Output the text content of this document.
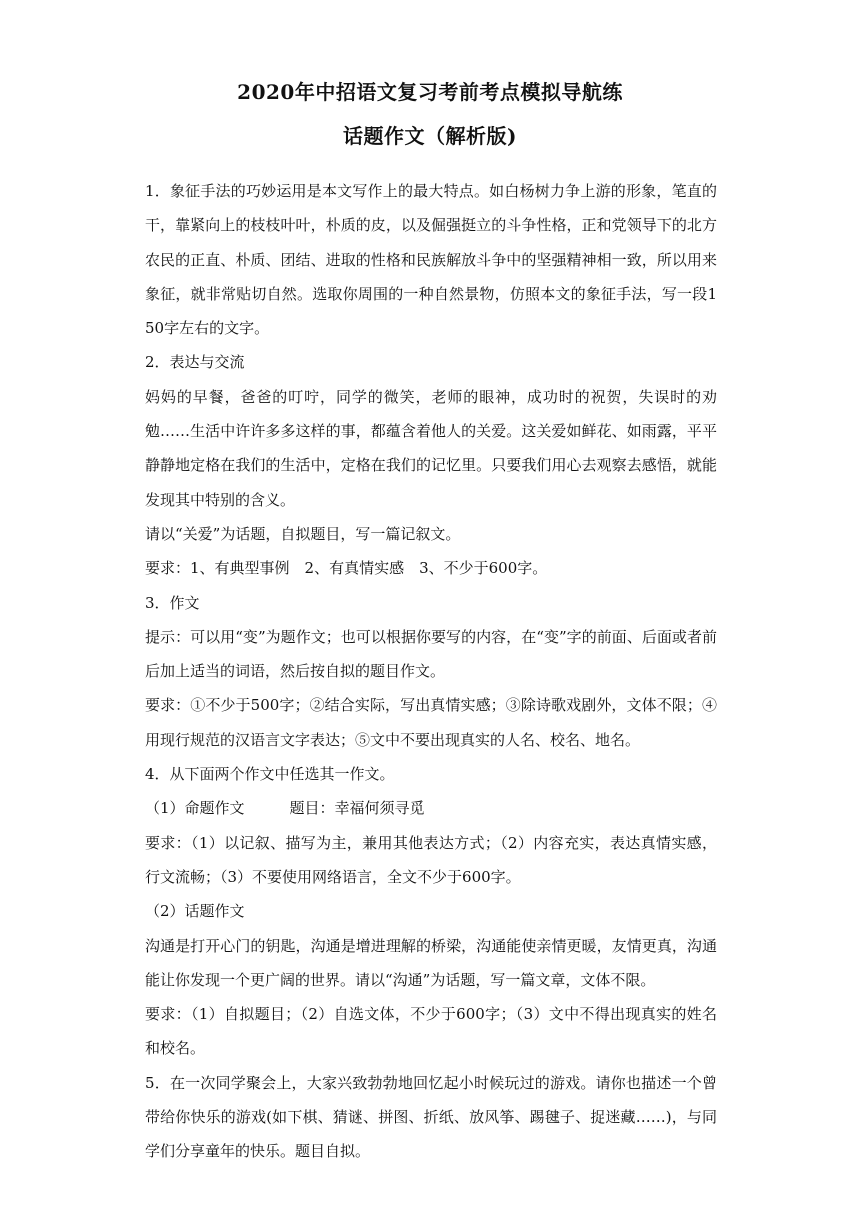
2020年中招语文复习考前考点模拟导航练
话题作文（解析版)

1．象征手法的巧妙运用是本文写作上的最大特点。如白杨树力争上游的形象，笔直的干，靠紧向上的枝枝叶叶，朴质的皮，以及倔强挺立的斗争性格，正和党领导下的北方农民的正直、朴质、团结、进取的性格和民族解放斗争中的坚强精神相一致，所以用来象征，就非常贴切自然。选取你周围的一种自然景物，仿照本文的象征手法，写一段150字左右的文字。

2．表达与交流

妈妈的早餐，爸爸的叮咛，同学的微笑，老师的眼神，成功时的祝贺，失误时的劝勉……生活中许许多多这样的事，都蕴含着他人的关爱。这关爱如鲜花、如雨露，平平静静地定格在我们的生活中，定格在我们的记忆里。只要我们用心去观察去感悟，就能发现其中特别的含义。

请以“关爱”为话题，自拟题目，写一篇记叙文。

要求：1、有典型事例　2、有真情实感　3、不少于600字。

3．作文

提示：可以用“变”为题作文；也可以根据你要写的内容，在“变”字的前面、后面或者前后加上适当的词语，然后按自拟的题目作文。

要求：①不少于500字；②结合实际，写出真情实感；③除诗歌戏剧外，文体不限；④用现行规范的汉语言文字表达；⑤文中不要出现真实的人名、校名、地名。

4．从下面两个作文中任选其一作文。

（1）命题作文　　　题目：幸福何须寻觅

要求：（1）以记叙、描写为主，兼用其他表达方式；（2）内容充实，表达真情实感，行文流畅；（3）不要使用网络语言，全文不少于600字。

（2）话题作文

沟通是打开心门的钥匙，沟通是增进理解的桥梁，沟通能使亲情更暖，友情更真，沟通能让你发现一个更广阔的世界。请以“沟通”为话题，写一篇文章，文体不限。

要求：（1）自拟题目；（2）自选文体，不少于600字；（3）文中不得出现真实的姓名和校名。

5．在一次同学聚会上，大家兴致勃勃地回忆起小时候玩过的游戏。请你也描述一个曾带给你快乐的游戏(如下棋、猜谜、拼图、折纸、放风筝、踢毽子、捉迷藏……)，与同学们分享童年的快乐。题目自拟。
